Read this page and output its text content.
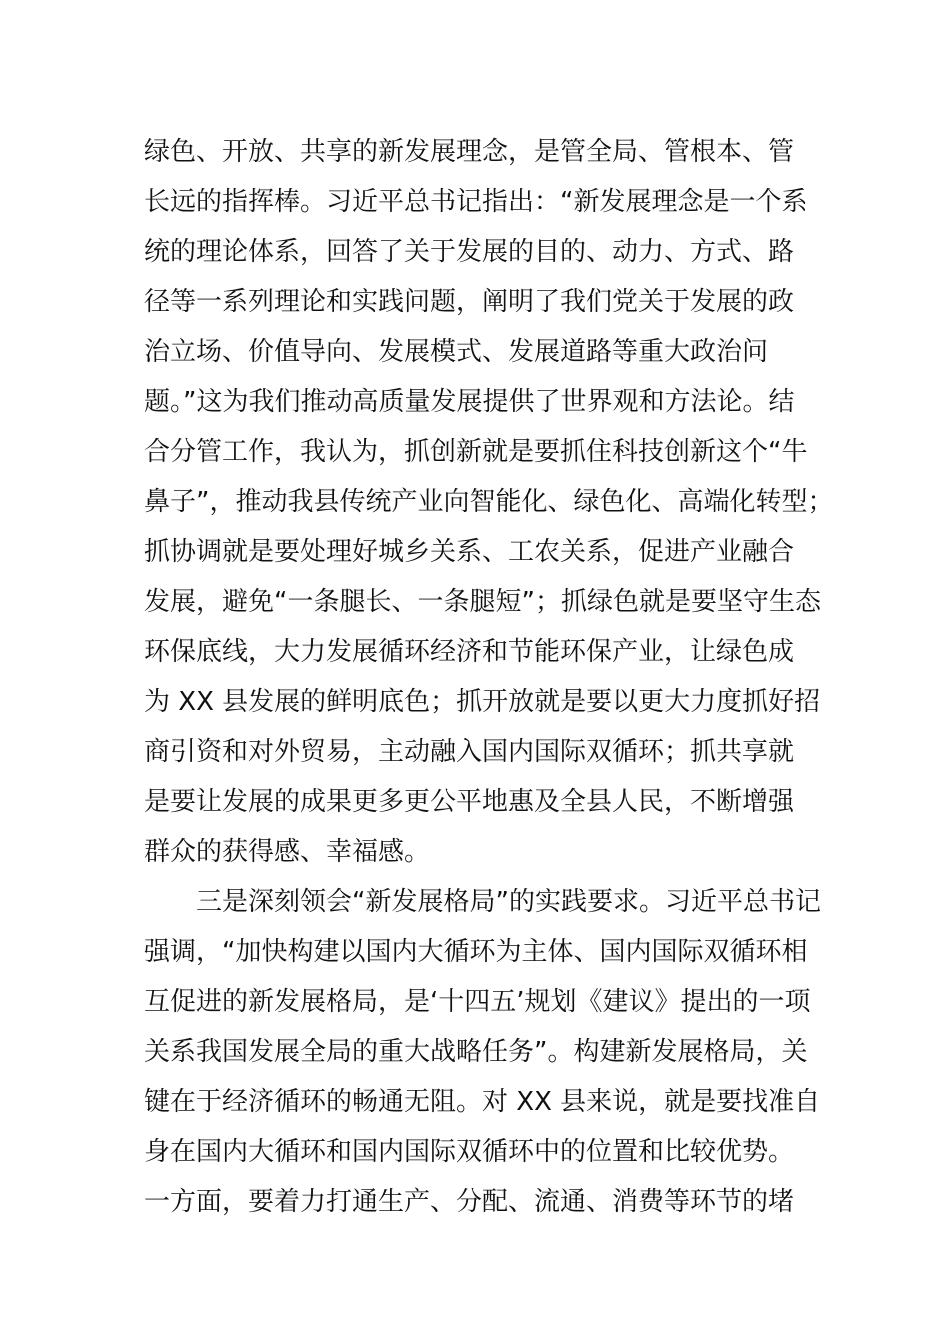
绿色、开放、共享的新发展理念，是管全局、管根本、管
长远的指挥棒。习近平总书记指出：“新发展理念是一个系
统的理论体系，回答了关于发展的目的、动力、方式、路
径等一系列理论和实践问题，阐明了我们党关于发展的政
治立场、价值导向、发展模式、发展道路等重大政治问
题。”这为我们推动高质量发展提供了世界观和方法论。结
合分管工作，我认为，抓创新就是要抓住科技创新这个“牛
鼻子”，推动我县传统产业向智能化、绿色化、高端化转型；
抓协调就是要处理好城乡关系、工农关系，促进产业融合
发展，避免“一条腿长、一条腿短”；抓绿色就是要坚守生态
环保底线，大力发展循环经济和节能环保产业，让绿色成
为 XX 县发展的鲜明底色；抓开放就是要以更大力度抓好招
商引资和对外贸易，主动融入国内国际双循环；抓共享就
是要让发展的成果更多更公平地惠及全县人民，不断增强
群众的获得感、幸福感。
三是深刻领会“新发展格局”的实践要求。习近平总书记
强调，“加快构建以国内大循环为主体、国内国际双循环相
互促进的新发展格局，是‘十四五’规划《建议》提出的一项
关系我国发展全局的重大战略任务”。构建新发展格局，关
键在于经济循环的畅通无阻。对 XX 县来说，就是要找准自
身在国内大循环和国内国际双循环中的位置和比较优势。
一方面，要着力打通生产、分配、流通、消费等环节的堵
